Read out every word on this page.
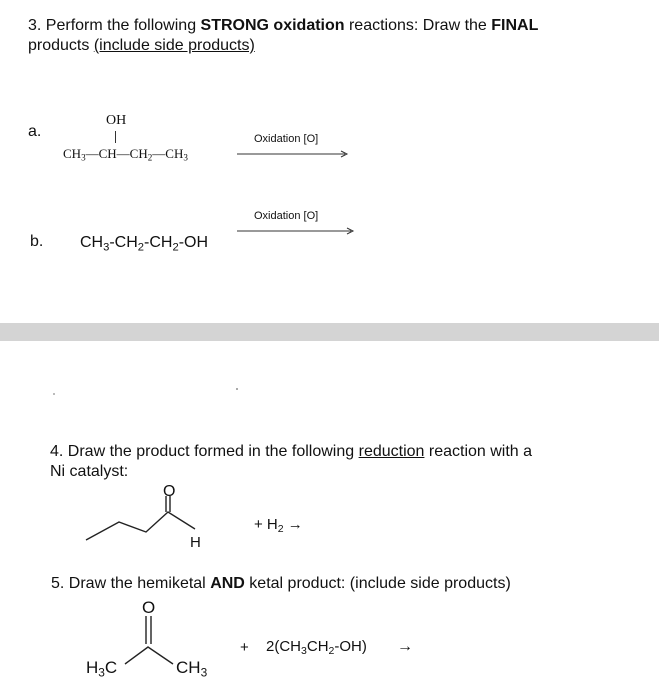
3. Perform the following STRONG oxidation reactions: Draw the FINAL
products (include side products)
a.
OH
$CH_3—CH—CH_2—CH_3$
Oxidation [O]
Oxidation [O]
b. $CH_3-CH_2-CH_2-OH$
4. Draw the product formed in the following reduction reaction with a
Ni catalyst:
O
H
+ $H_2$ →
5. Draw the hemiketal AND ketal product: (include side products)
O
$H_3C$	$CH_3$
+ $2(CH_3CH_2-OH)$ →
